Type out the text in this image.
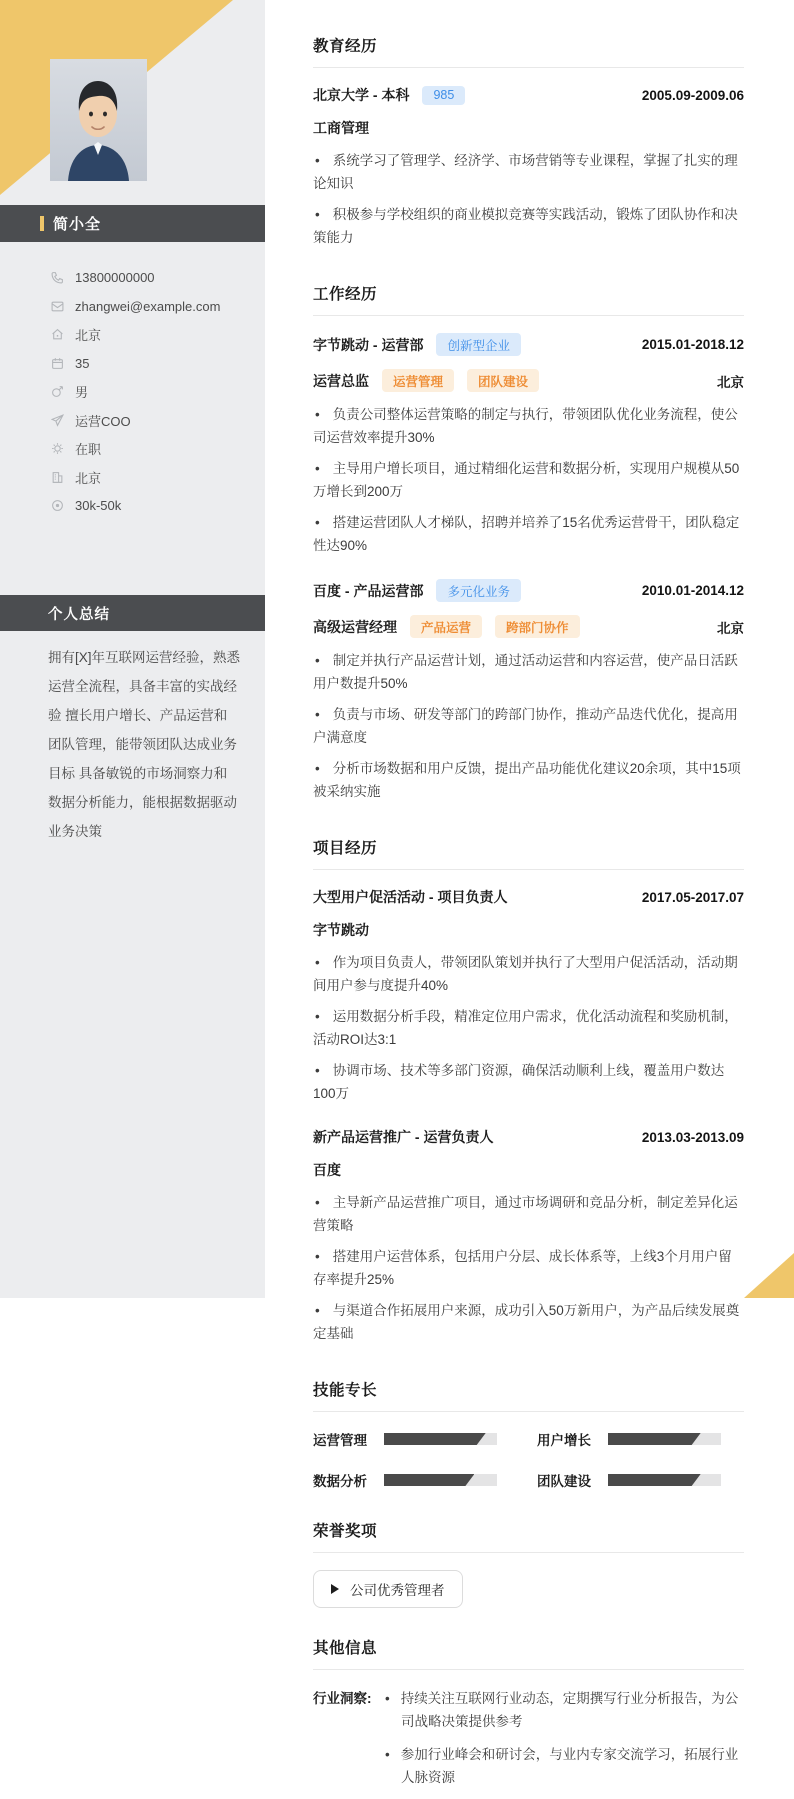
简小全
13800000000
zhangwei@example.com
北京
35
男
运营COO
在职
北京
30k-50k
个人总结
拥有[X]年互联网运营经验，熟悉运营全流程，具备丰富的实战经验 擅长用户增长、产品运营和团队管理，能带领团队达成业务目标 具备敏锐的市场洞察力和数据分析能力，能根据数据驱动业务决策
教育经历
北京大学 - 本科	985	2005.09-2009.06
工商管理
• 系统学习了管理学、经济学、市场营销等专业课程，掌握了扎实的理论知识
• 积极参与学校组织的商业模拟竞赛等实践活动，锻炼了团队协作和决策能力
工作经历
字节跳动 - 运营部	创新型企业	2015.01-2018.12
运营总监	运营管理	团队建设	北京
• 负责公司整体运营策略的制定与执行，带领团队优化业务流程，使公司运营效率提升30%
• 主导用户增长项目，通过精细化运营和数据分析，实现用户规模从50万增长到200万
• 搭建运营团队人才梯队，招聘并培养了15名优秀运营骨干，团队稳定性达90%
百度 - 产品运营部	多元化业务	2010.01-2014.12
高级运营经理	产品运营	跨部门协作	北京
• 制定并执行产品运营计划，通过活动运营和内容运营，使产品日活跃用户数提升50%
• 负责与市场、研发等部门的跨部门协作，推动产品迭代优化，提高用户满意度
• 分析市场数据和用户反馈，提出产品功能优化建议20余项，其中15项被采纳实施
项目经历
大型用户促活活动 - 项目负责人	2017.05-2017.07
字节跳动
• 作为项目负责人，带领团队策划并执行了大型用户促活活动，活动期间用户参与度提升40%
• 运用数据分析手段，精准定位用户需求，优化活动流程和奖励机制，活动ROI达3:1
• 协调市场、技术等多部门资源，确保活动顺利上线，覆盖用户数达100万
新产品运营推广 - 运营负责人	2013.03-2013.09
百度
• 主导新产品运营推广项目，通过市场调研和竞品分析，制定差异化运营策略
• 搭建用户运营体系，包括用户分层、成长体系等，上线3个月用户留存率提升25%
• 与渠道合作拓展用户来源，成功引入50万新用户，为产品后续发展奠定基础
技能专长
运营管理	用户增长
数据分析	团队建设
荣誉奖项
公司优秀管理者
其他信息
行业洞察:	• 持续关注互联网行业动态，定期撰写行业分析报告，为公司战略决策提供参考
• 参加行业峰会和研讨会，与业内专家交流学习，拓展行业人脉资源
